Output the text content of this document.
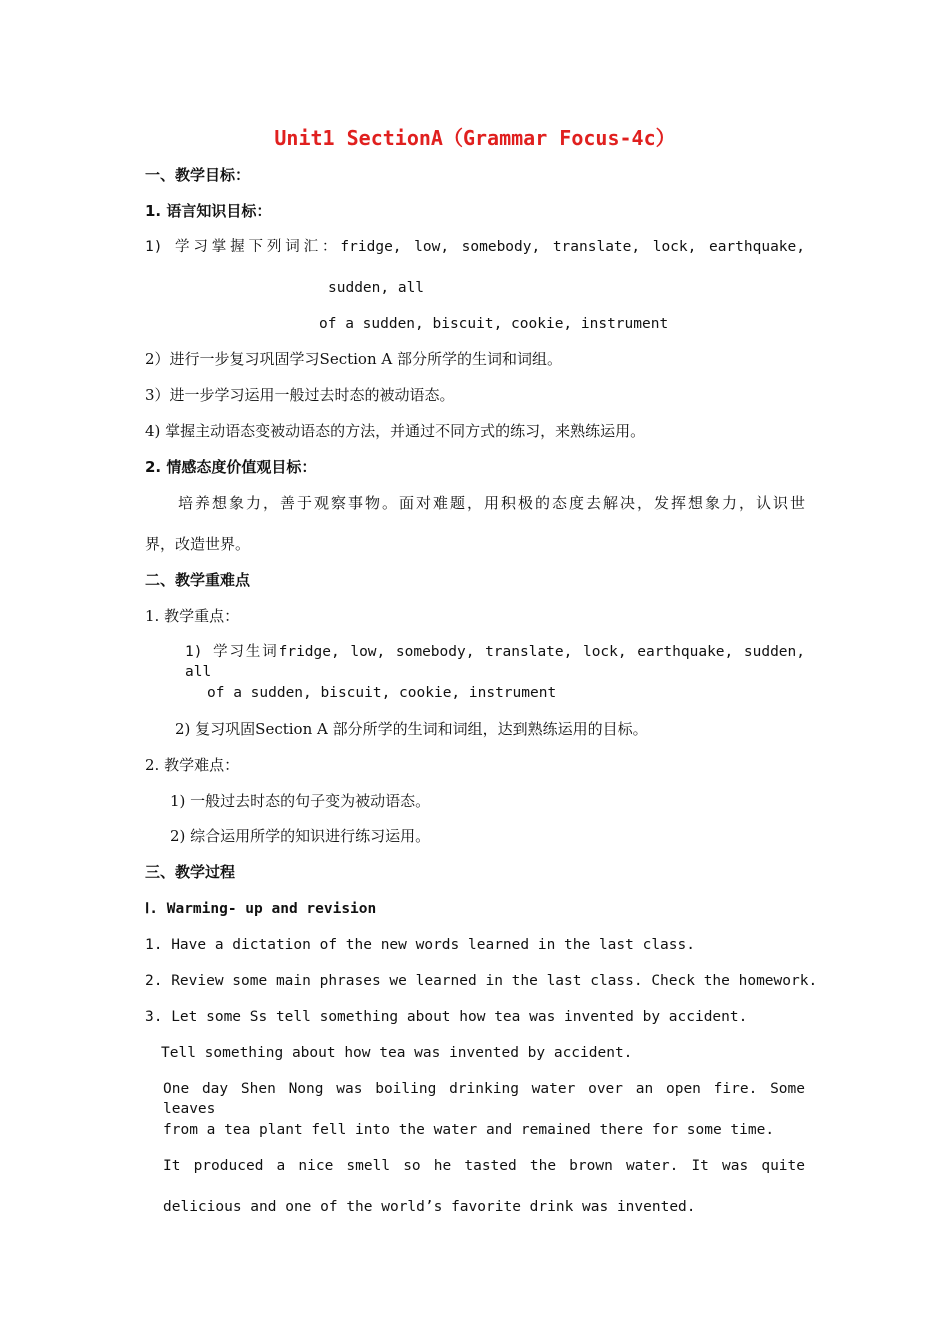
Unit1 SectionA（Grammar Focus-4c）
一、教学目标：
1. 语言知识目标：
1) 学习掌握下列词汇：fridge, low, somebody, translate, lock, earthquake,
sudden, all
of a sudden, biscuit, cookie, instrument
2）进行一步复习巩固学习Section A 部分所学的生词和词组。
3）进一步学习运用一般过去时态的被动语态。
4) 掌握主动语态变被动语态的方法，并通过不同方式的练习，来熟练运用。
2. 情感态度价值观目标：
培养想象力，善于观察事物。面对难题，用积极的态度去解决，发挥想象力，认识世
界，改造世界。
二、教学重难点
1. 教学重点：
1) 学习生词fridge, low, somebody, translate, lock, earthquake, sudden, all
of a sudden, biscuit, cookie, instrument
2) 复习巩固Section A 部分所学的生词和词组，达到熟练运用的目标。
2. 教学难点：
1) 一般过去时态的句子变为被动语态。
2) 综合运用所学的知识进行练习运用。
三、教学过程
Ⅰ. Warming- up and revision
1. Have a dictation of the new words learned in the last class.
2. Review some main phrases we learned in the last class. Check the homework.
3. Let some Ss tell something about how tea was invented by accident.
Tell something about how tea was invented by accident.
One day Shen Nong was boiling drinking water over an open fire. Some leaves
from a tea plant fell into the water and remained there for some time.
It produced a nice smell so he tasted the brown water. It was quite
delicious and one of the world’s favorite drink was invented.
